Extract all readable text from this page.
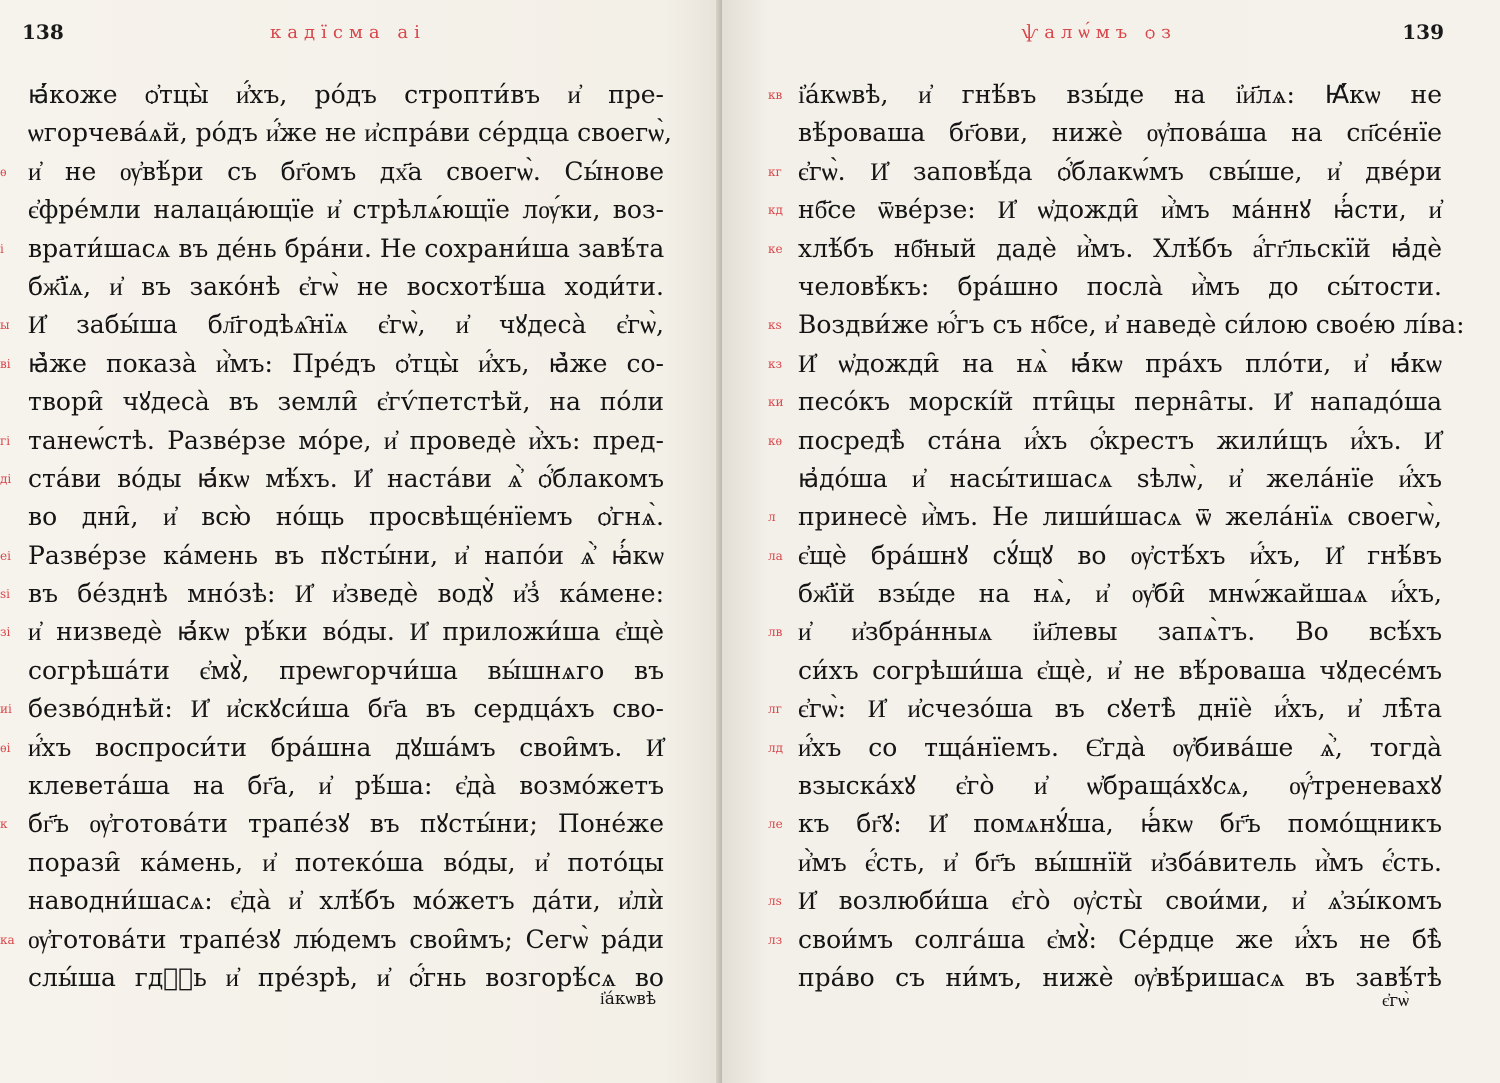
138	кадїсма аі
ꙗ҆́коже ѻ҆тцы̀ и҆́хъ, ро́дъ стропти́въ и҆ пре-
ѡгорчева́ѧй, ро́дъ и҆́же не и҆спра́ви се́рдца своегѡ̀,
ѳ и҆ не ѹ҆вѣ́ри съ бг҃омъ дх҃а своегѡ̀. Сы́нове
є҆фре́мли налацáющїе и҆ стрѣлѧ́ющїе лѹ́ки, воз-
і врати́шасѧ въ де́нь бра́ни. Не сохрани́ша завѣ́та
бж҃їѧ, и҆ въ зако́нѣ є҆гѡ̀ не восхотѣ́ша ходи́ти.
ы И҆ забы́ша бл҃годѣѧ̑нїѧ є҆гѡ̀, и҆ чꙋдеса̀ є҆гѡ̀,
ві ꙗ҆̀же показа̀ и҆̀мъ: Пре́дъ ѻ҆тцы̀ и҆́хъ, ꙗ҆̀же со-
твори̑ чꙋдеса̀ въ земли̑ є҆гѵ́петстѣй, на по́ли
гі танеѡ́стѣ. Разве́рзе мо́ре, и҆ проведѐ и҆̀хъ: пред-
ді ста́ви во́ды ꙗ҆́кѡ мѣ́хъ. И҆ наста́ви ѧ҆̀ ѻ҆́блакомъ
во дни̑, и҆ всю̀ но́щь просвѣще́нїемъ ѻ҆гнѧ̀.
еі Разве́рзе ка́мень въ пꙋсты́ни, и҆ напо́и ѧ҆̀ ꙗ҆́кѡ
ѕі въ бе́зднѣ мно́зѣ: И҆ и҆зведѐ водꙋ̀ и҆з̾ ка́мене:
зі и҆ низведѐ ꙗ҆́кѡ рѣ́ки во́ды. И҆ приложи́ша є҆щѐ
согрѣша́ти є҆мꙋ̀, преѡгорчи́ша вы́шнѧго въ
иі безво́днѣй: И҆ и҆скꙋси́ша бг҃а въ сердца́хъ сво-
ѳі и҆́хъ воспроси́ти бра́шна дꙋша́мъ свои̑мъ. И҆
клевета́ша на бг҃а, и҆ рѣ́ша: є҆да̀ возмо́жетъ
к бг҃ъ ѹ҆готова́ти трапе́зꙋ въ пꙋсты́ни; Поне́же
порази̑ ка́мень, и҆ потеко́ша во́ды, и҆ пото́цы
наводни́шасѧ: є҆да̀ и҆ хлѣ́бъ мо́жетъ да́ти, и҆лѝ
ка ѹ҆готова́ти трапе́зꙋ лю́демъ свои̑мъ; Сегѡ̀ ра́ди
слы́ша гдⷭ҇ь и҆ пре́зрѣ, и҆ ѻ҆́гнь возгорѣ́сѧ во
і҆а́кѡвѣ
139
ѱалѡ́мъ ѻз
кв і҆а́кѡвѣ, и҆ гнѣ́въ взы́де на і҆и҃лѧ: Ꙗ҆́кѡ не
вѣ́роваша бг҃ови, нижѐ ѹ҆пова́ша на сп҃се́нїе
кг є҆гѡ̀. И҆ заповѣ́да ѻ҆́блакѡ́мъ свы́ше, и҆ две́ри
кд нб҃се ѿве́рзе: И҆ ѡ҆дожди̑ и҆̀мъ ма́ннꙋ ꙗ҆́сти, и҆
ке хлѣ́бъ нб҃ный дадѐ и҆̀мъ. Хлѣ́бъ а҆́гг҃льскїй ꙗ҆дѐ
человѣ́къ: бра́шно посла̀ и҆̀мъ до сы́тости.
кѕ Воздви́же ю҆́гъ съ нб҃се, и҆ наведѐ си́лою свое́ю лі́ва:
кз И҆ ѡ҆дожди̑ на нѧ̀ ꙗ҆́кѡ пра́хъ пло́ти, и҆ ꙗ҆́кѡ
ки песо́къ морскі́й пти̑цы перна̑ты. И҆ нападо́ша
кѳ посредѣ̀ ста́на и҆́хъ ѻ҆́крестъ жили́щъ и҆́хъ. И҆
ꙗ҆до́ша и҆ насы́тишасѧ ѕѣлѡ̀, и҆ жела́нїе и҆́хъ
л принесѐ и҆̀мъ. Не лиши́шасѧ ѿ жела́нїѧ своегѡ̀,
ла є҆щѐ бра́шнꙋ сꙋ́щꙋ во ѹ҆стѣ́хъ и҆́хъ, И҆ гнѣ́въ
бж҃їй взы́де на нѧ̀, и҆ ѹ҆би̑ мнѡ́жайшаѧ и҆́хъ,
лв и҆ и҆збра́нныѧ і҆и҃левы запѧ̀тъ. Во всѣ́хъ
си́хъ согрѣши́ша є҆щѐ, и҆ не вѣ́роваша чꙋдесе́мъ
лг є҆гѡ̀: И҆ и҆счезо́ша въ сꙋетѣ̀ днїѐ и҆́хъ, и҆ лѣ̑та
лд и҆́хъ со тща́нїемъ. Є҆гда̀ ѹ҆бива́ше ѧ҆̀, тогда̀
взыска́хꙋ є҆го̀ и҆ ѡ҆браща́хꙋсѧ, ѹ҆́треневахꙋ
ле къ бг҃ꙋ: И҆ помѧнꙋ́ша, ꙗ҆́кѡ бг҃ъ помо́щникъ
и҆̀мъ є҆́сть, и҆ бг҃ъ вы́шнїй и҆зба́витель и҆̀мъ є҆́сть.
лѕ И҆ возлюби́ша є҆го̀ ѹ҆сты̀ свои́ми, и҆ ѧ҆зы́комъ
лз свои́мъ солга́ша є҆мꙋ̀: Се́рдце же и҆́хъ не бѣ̀
пра́во съ ни́мъ, нижѐ ѹ҆вѣ́ришасѧ въ завѣ́тѣ
є҆гѡ̀
